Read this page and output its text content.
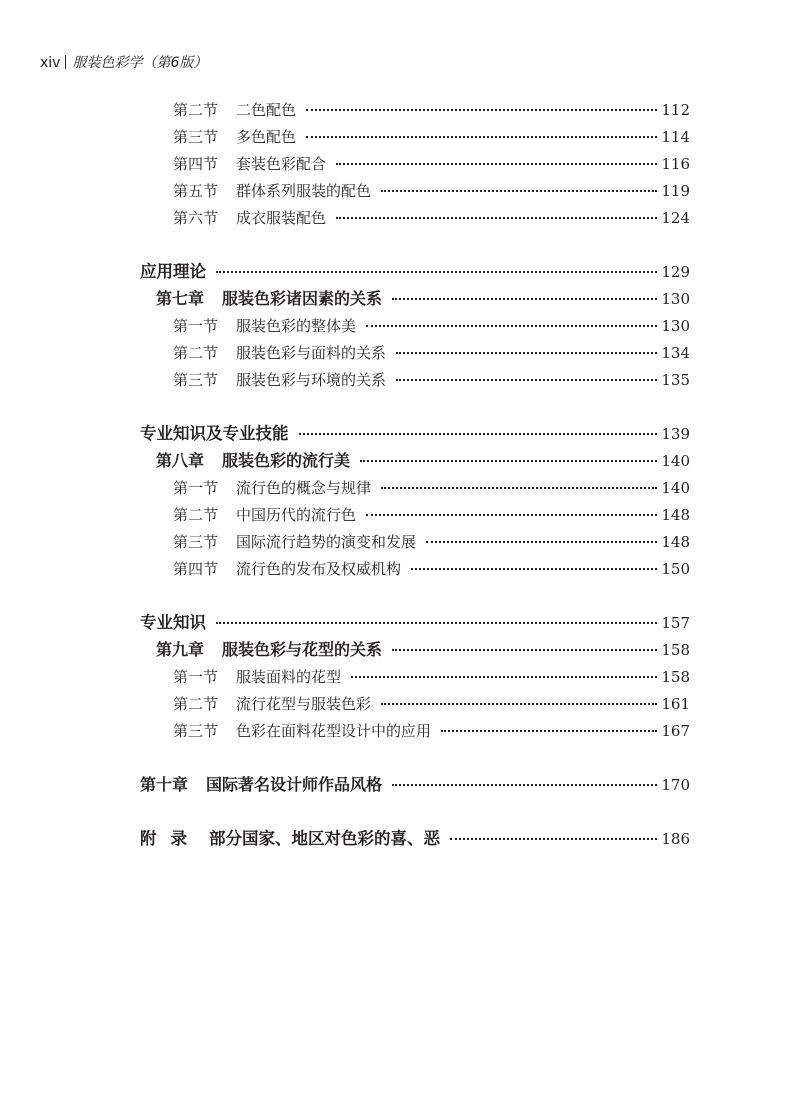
xiv 服装色彩学（第6版）
第二节 二色配色	112
第三节 多色配色	114
第四节 套装色彩配合	116
第五节 群体系列服装的配色	119
第六节 成衣服装配色	124
应用理论	129
第七章 服装色彩诸因素的关系	130
第一节 服装色彩的整体美	130
第二节 服装色彩与面料的关系	134
第三节 服装色彩与环境的关系	135
专业知识及专业技能	139
第八章 服装色彩的流行美	140
第一节 流行色的概念与规律	140
第二节 中国历代的流行色	148
第三节 国际流行趋势的演变和发展	148
第四节 流行色的发布及权威机构	150
专业知识	157
第九章 服装色彩与花型的关系	158
第一节 服装面料的花型	158
第二节 流行花型与服装色彩	161
第三节 色彩在面料花型设计中的应用	167
第十章 国际著名设计师作品风格	170
附录 部分国家、地区对色彩的喜、恶	186
